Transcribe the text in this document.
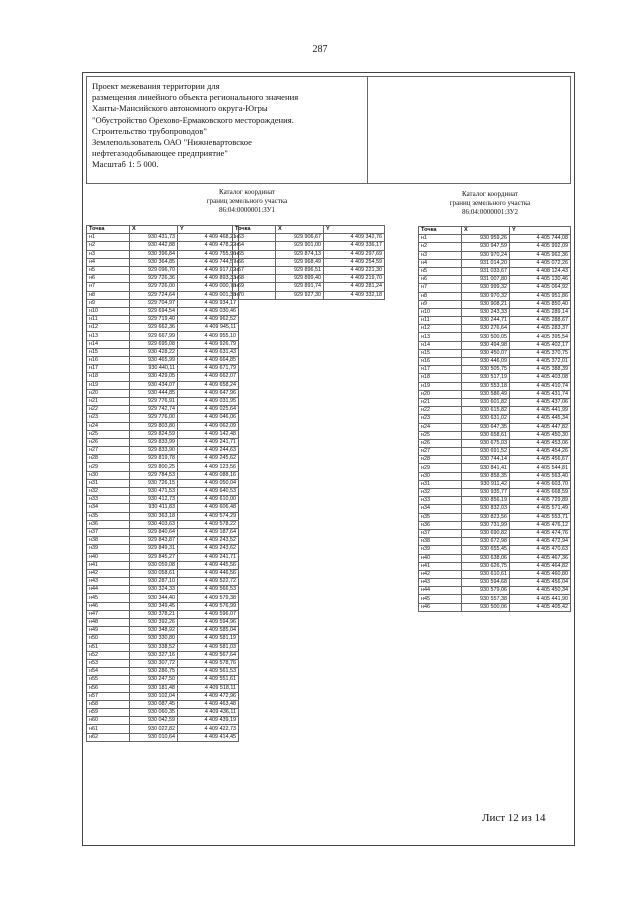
287
Проект межевания территории для
размещения линейного объекта регионального значения
Ханты-Мансийского автономного округа-Югры
"Обустройство Орехово-Ермаковского месторождения.
Строительство трубопроводов"
Землепользователь ОАО "Нижневартовское
нефтегазодобывающее предприятие"
Масштаб 1: 5 000.
Каталог координат
границ земельного участка
86:04:0000001:ЗУ1
Каталог координат
границ земельного участка
86:04:0000001:ЗУ2
Точка	X	Y
н1	930 431,73	4 409 468,21
н2	930 442,88	4 409 478,22
н3	930 396,84	4 409 755,96
н4	930 364,85	4 409 744,57
н5	929 096,70	4 409 917,02
н6	929 726,36	4 409 893,33
н7	929 726,00	4 409 000,78
н8	929 724,64	4 409 001,38
н9	929 704,97	4 409 934,17
н10	929 694,54	4 409 030,46
н11	929 719,40	4 409 962,52
н12	929 662,36	4 409 945,11
н13	929 667,99	4 409 955,10
н14	929 695,08	4 409 926,79
н15	930 428,22	4 409 631,43
н16	930 465,99	4 409 664,85
н17	930 440,11	4 409 671,79
н18	930 429,05	4 409 662,07
н19	930 434,07	4 409 658,24
н20	930 444,85	4 409 647,96
н21	929 776,91	4 409 031,95
н22	929 742,74	4 409 025,64
н23	929 776,00	4 409 046,06
н24	929 803,80	4 409 062,09
н25	929 824,59	4 409 142,48
н26	929 833,99	4 409 241,71
н27	929 833,90	4 409 244,63
н28	929 819,78	4 409 245,62
н29	929 800,25	4 409 123,56
н30	929 784,53	4 409 088,16
н31	930 726,15	4 409 050,04
н32	930 471,53	4 409 640,53
н33	930 412,73	4 409 610,00
н34	930 411,83	4 409 606,48
н35	930 363,18	4 409 574,29
н36	930 403,63	4 409 578,22
н37	929 840,64	4 409 187,64
н38	929 843,87	4 409 243,52
н39	929 849,31	4 409 243,62
н40	929 845,27	4 409 241,71
н41	930 059,08	4 409 445,56
н42	930 058,61	4 409 446,56
н43	930 287,10	4 409 522,72
н44	930 324,33	4 409 566,53
н45	930 344,40	4 409 579,38
н46	930 349,45	4 409 576,99
н47	930 378,21	4 409 596,07
н48	930 392,26	4 409 594,96
н49	930 348,92	4 409 585,04
н50	930 330,80	4 409 581,19
н51	930 338,52	4 409 581,03
н52	930 327,16	4 409 567,64
н53	930 307,72	4 409 578,76
н54	930 286,75	4 409 561,53
н55	930 247,50	4 409 551,61
н56	930 181,48	4 409 518,11
н57	930 102,04	4 409 472,96
н58	930 087,45	4 409 463,48
н59	930 060,35	4 409 436,11
н60	930 042,59	4 409 439,19
н61	930 022,82	4 409 422,73
н62	930 010,64	4 409 414,45
Точка	X	Y
н63	929 906,67	4 409 342,76
н64	929 901,00	4 409 336,17
н65	929 874,13	4 409 297,69
н66	929 968,49	4 409 254,59
н67	929 896,51	4 409 221,30
н68	929 899,40	4 409 219,70
н69	929 891,74	4 409 281,24
н70	929 927,30	4 409 332,18
Точка	X	Y
н1	930 959,26	4 405 744,08
н2	930 947,59	4 405 992,09
н3	930 970,24	4 405 962,36
н4	931 014,20	4 405 072,26
н5	931 033,67	4 408 124,43
н6	931 007,80	4 405 130,46
н7	930 999,32	4 405 064,92
н8	930 970,32	4 405 951,86
н9	930 908,21	4 405 850,40
н10	930 243,33	4 405 289,14
н11	930 244,71	4 405 288,67
н12	930 276,64	4 405 283,37
н13	930 500,05	4 405 395,54
н14	930 494,98	4 405 402,17
н15	930 450,07	4 405 370,75
н16	930 446,09	4 405 372,01
н17	930 505,75	4 405 388,39
н18	930 517,19	4 405 403,08
н19	930 553,18	4 405 410,74
н20	930 586,49	4 405 431,74
н21	930 601,82	4 405 437,06
н22	930 615,82	4 405 441,99
н23	930 631,02	4 405 445,34
н24	930 647,35	4 405 447,82
н25	930 658,61	4 405 450,30
н26	930 675,03	4 405 453,06
н27	930 691,52	4 405 454,26
н28	930 744,14	4 405 456,67
н29	930 841,41	4 405 544,81
н30	930 858,35	4 405 563,40
н31	930 911,42	4 405 603,70
н32	930 935,77	4 405 668,59
н33	930 856,19	4 405 729,89
н34	930 832,03	4 405 571,49
н35	930 823,56	4 405 553,71
н36	930 731,99	4 405 476,12
н37	930 690,82	4 405 474,76
н38	930 672,98	4 405 472,94
н39	930 655,45	4 405 470,63
н40	930 638,06	4 405 467,36
н41	930 626,75	4 405 464,82
н42	930 610,61	4 405 460,80
н43	930 594,68	4 405 456,04
н44	930 579,06	4 405 450,34
н45	930 557,38	4 405 441,90
н46	930 500,06	4 405 405,42
Лист 12 из 14
